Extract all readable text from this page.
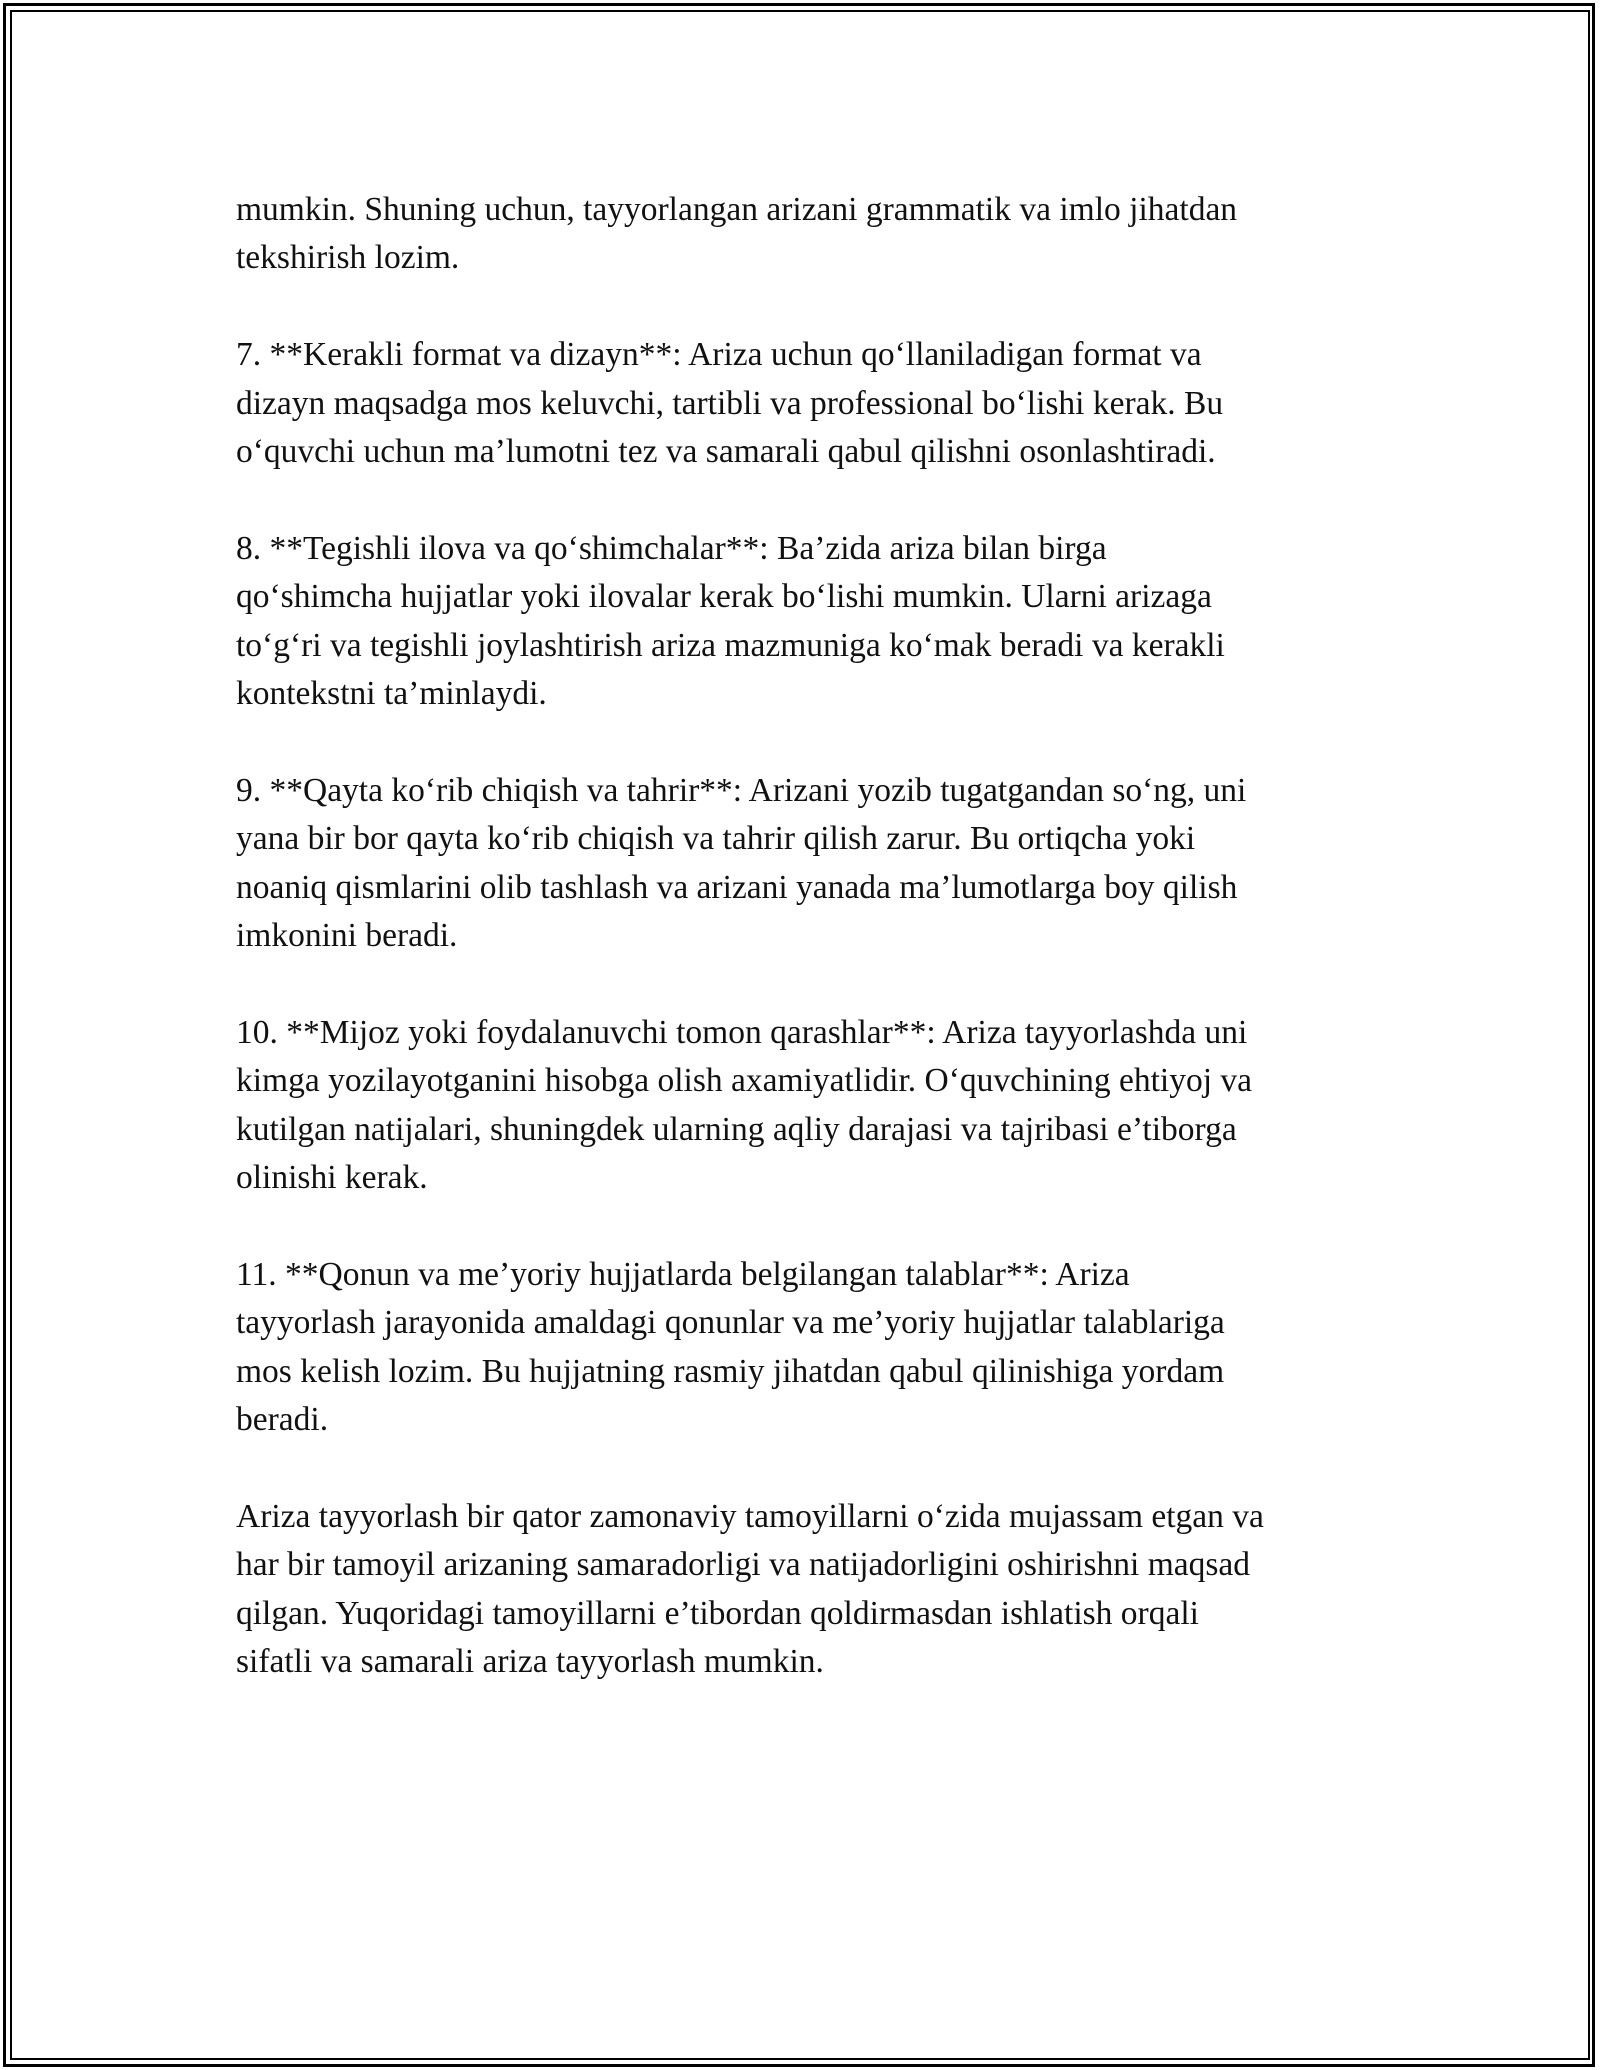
mumkin. Shuning uchun, tayyorlangan arizani grammatik va imlo jihatdan
tekshirish lozim.

7. **Kerakli format va dizayn**: Ariza uchun qo‘llaniladigan format va
dizayn maqsadga mos keluvchi, tartibli va professional bo‘lishi kerak. Bu
o‘quvchi uchun ma’lumotni tez va samarali qabul qilishni osonlashtiradi.

8. **Tegishli ilova va qo‘shimchalar**: Ba’zida ariza bilan birga
qo‘shimcha hujjatlar yoki ilovalar kerak bo‘lishi mumkin. Ularni arizaga
to‘g‘ri va tegishli joylashtirish ariza mazmuniga ko‘mak beradi va kerakli
kontekstni ta’minlaydi.

9. **Qayta ko‘rib chiqish va tahrir**: Arizani yozib tugatgandan so‘ng, uni
yana bir bor qayta ko‘rib chiqish va tahrir qilish zarur. Bu ortiqcha yoki
noaniq qismlarini olib tashlash va arizani yanada ma’lumotlarga boy qilish
imkonini beradi.

10. **Mijoz yoki foydalanuvchi tomon qarashlar**: Ariza tayyorlashda uni
kimga yozilayotganini hisobga olish axamiyatlidir. O‘quvchining ehtiyoj va
kutilgan natijalari, shuningdek ularning aqliy darajasi va tajribasi e’tiborga
olinishi kerak.

11. **Qonun va me’yoriy hujjatlarda belgilangan talablar**: Ariza
tayyorlash jarayonida amaldagi qonunlar va me’yoriy hujjatlar talablariga
mos kelish lozim. Bu hujjatning rasmiy jihatdan qabul qilinishiga yordam
beradi.

Ariza tayyorlash bir qator zamonaviy tamoyillarni o‘zida mujassam etgan va
har bir tamoyil arizaning samaradorligi va natijadorligini oshirishni maqsad
qilgan. Yuqoridagi tamoyillarni e’tibordan qoldirmasdan ishlatish orqali
sifatli va samarali ariza tayyorlash mumkin.
